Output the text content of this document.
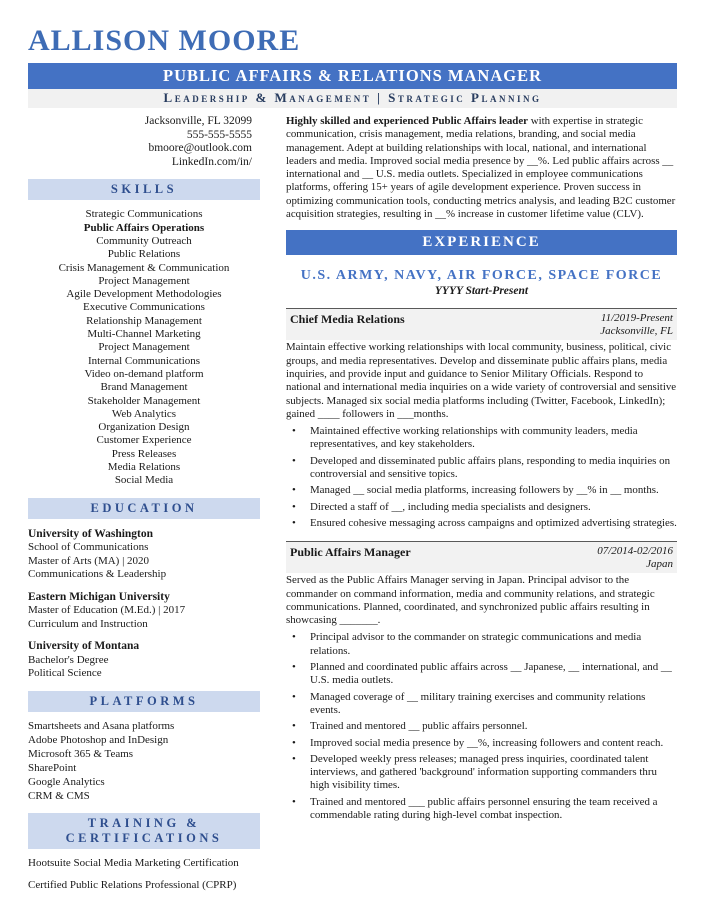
ALLISON MOORE
PUBLIC AFFAIRS & RELATIONS MANAGER
Leadership & Management | Strategic Planning
Jacksonville, FL 32099
555-555-5555
bmoore@outlook.com
LinkedIn.com/in/
SKILLS
Strategic Communications
Public Affairs Operations
Community Outreach
Public Relations
Crisis Management & Communication
Project Management
Agile Development Methodologies
Executive Communications
Relationship Management
Multi-Channel Marketing
Project Management
Internal Communications
Video on-demand platform
Brand Management
Stakeholder Management
Web Analytics
Organization Design
Customer Experience
Press Releases
Media Relations
Social Media
EDUCATION
University of Washington
School of Communications
Master of Arts (MA) | 2020
Communications & Leadership
Eastern Michigan University
Master of Education (M.Ed.) | 2017
Curriculum and Instruction
University of Montana
Bachelor's Degree
Political Science
PLATFORMS
Smartsheets and Asana platforms
Adobe Photoshop and InDesign
Microsoft 365 & Teams
SharePoint
Google Analytics
CRM & CMS
TRAINING & CERTIFICATIONS

Hootsuite Social Media Marketing Certification

Certified Public Relations Professional (CPRP)

Highly skilled and experienced Public Affairs leader with expertise in strategic communication, crisis management, media relations, branding, and social media management. Adept at building relationships with local, national, and international leaders and media. Improved social media presence by __%. Led public affairs across __ international and __ U.S. media outlets. Specialized in employee communications platforms, offering 15+ years of agile development experience. Proven success in optimizing communication tools, conducting metrics analysis, and leading B2C customer acquisition strategies, resulting in __% increase in customer lifetime value (CLV).

EXPERIENCE
U.S. ARMY, NAVY, AIR FORCE, SPACE FORCE
YYYY Start-Present
Chief Media Relations	11/2019-Present
Jacksonville, FL

Maintain effective working relationships with local community, business, political, civic groups, and media representatives. Develop and disseminate public affairs plans, media inquiries, and provide input and guidance to Senior Military Officials. Respond to national and international media inquiries on a wide variety of controversial and sensitive subjects. Managed six social media platforms including (Twitter, Facebook, LinkedIn); gained ____ followers in ___months.

• Maintained effective working relationships with community leaders, media representatives, and key stakeholders.
• Developed and disseminated public affairs plans, responding to media inquiries on controversial and sensitive topics.
• Managed __ social media platforms, increasing followers by __% in __ months.
• Directed a staff of __, including media specialists and designers.
• Ensured cohesive messaging across campaigns and optimized advertising strategies.
Public Affairs Manager	07/2014-02/2016
Japan

Served as the Public Affairs Manager serving in Japan. Principal advisor to the commander on command information, media and community relations, and strategic communications. Planned, coordinated, and synchronized public affairs resulting in showcasing _______.

• Principal advisor to the commander on strategic communications and media relations.
• Planned and coordinated public affairs across __ Japanese, __ international, and __ U.S. media outlets.
• Managed coverage of __ military training exercises and community relations events.
• Trained and mentored __ public affairs personnel.
• Improved social media presence by __%, increasing followers and content reach.
• Developed weekly press releases; managed press inquiries, coordinated talent interviews, and gathered 'background' information supporting commanders thru high visibility times.
• Trained and mentored ___ public affairs personnel ensuring the team received a commendable rating during high-level combat inspection.
